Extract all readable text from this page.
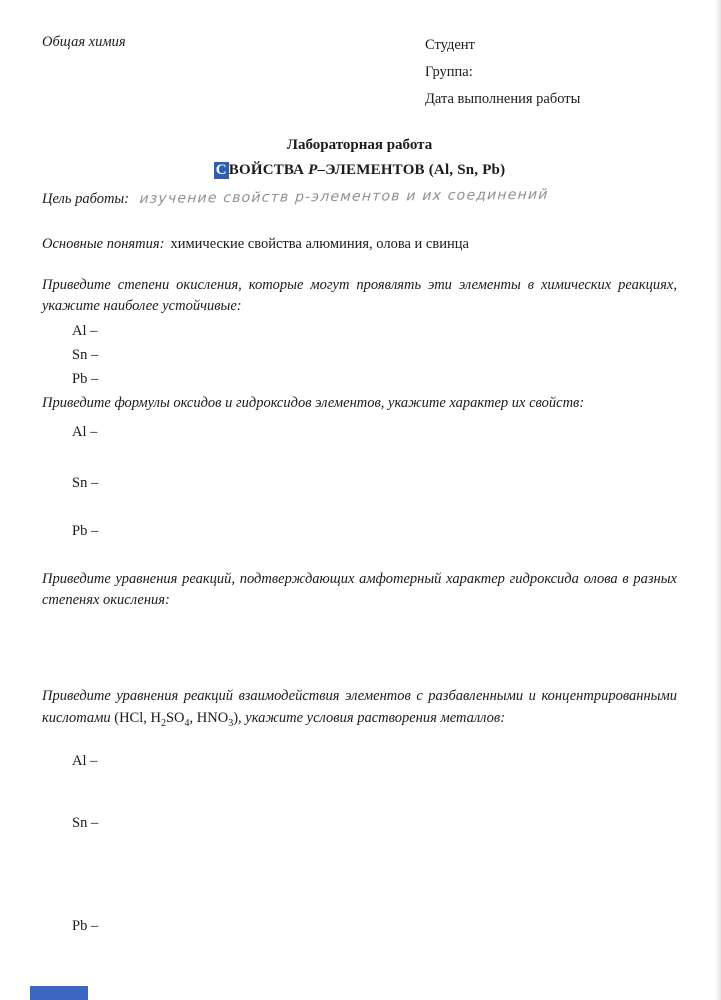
Общая химия	Студент
Группа:
Дата выполнения работы
Лабораторная работа
С ВОЙСТВА Р–ЭЛЕМЕНТОВ (Al, Sn, Pb)
Цель работы: изучение свойств р-элементов и их соединений
Основные понятия: химические свойства алюминия, олова и свинца
Приведите степени окисления, которые могут проявлять эти элементы в химических реакциях, укажите наиболее устойчивые:
Al –
Sn –
Pb –
Приведите формулы оксидов и гидроксидов элементов, укажите характер их свойств:
Al –
Sn –
Pb –
Приведите уравнения реакций, подтверждающих амфотерный характер гидроксида олова в разных степенях окисления:
Приведите уравнения реакций взаимодействия элементов с разбавленными и концентрированными кислотами (HCl, $H_2SO_4$, $HNO_3$), укажите условия растворения металлов:
Al –
Sn –
Pb –
